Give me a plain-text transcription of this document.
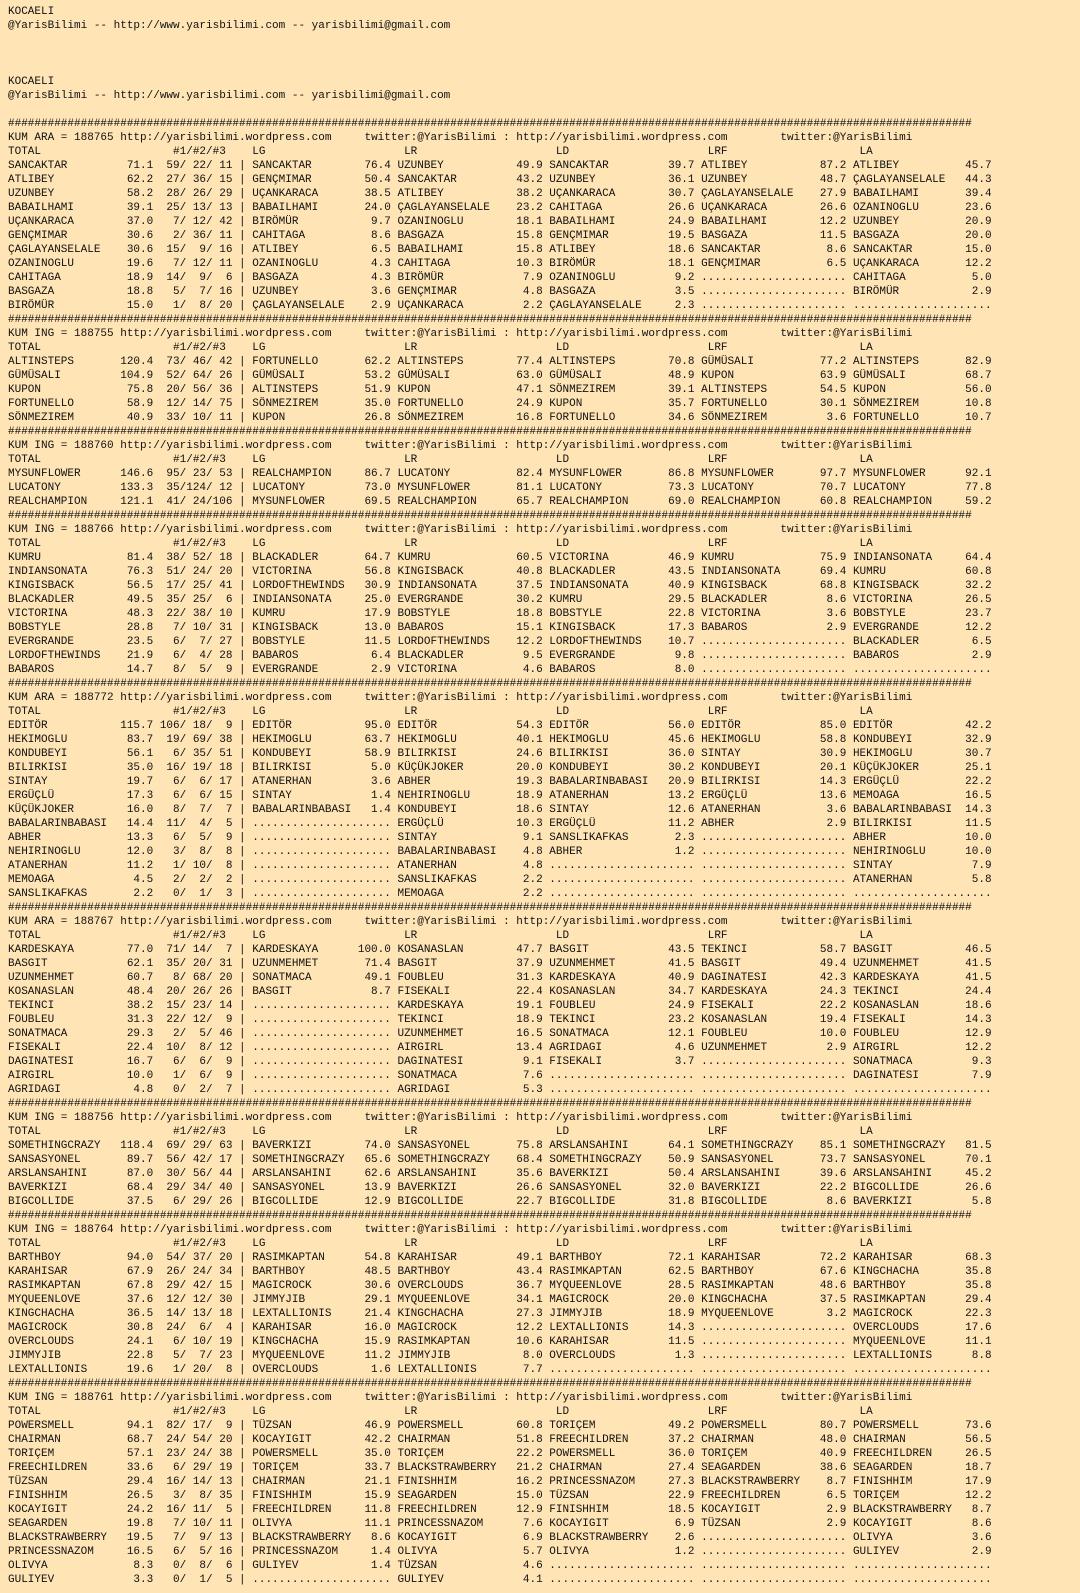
KOCAELI
@YarisBilimi -- http://www.yarisbilimi.com -- yarisbilimi@gmail.com
KOCAELI
@YarisBilimi -- http://www.yarisbilimi.com -- yarisbilimi@gmail.com
##################################################################################################################################################
KUM ARA = 188765 http://yarisbilimi.wordpress.com     twitter:@YarisBilimi : http://yarisbilimi.wordpress.com        twitter:@YarisBilimi
TOTAL                    #1/#2/#3    LG                     LR                     LD                     LRF                    LA
SANCAKTAR         71.1  59/ 22/ 11 | SANCAKTAR        76.4 UZUNBEY           49.9 SANCAKTAR         39.7 ATLIBEY           87.2 ATLIBEY          45.7
ATLIBEY           62.2  27/ 36/ 15 | GENÇMIMAR        50.4 SANCAKTAR         43.2 UZUNBEY           36.1 UZUNBEY           48.7 ÇAGLAYANSELALE   44.3
UZUNBEY           58.2  28/ 26/ 29 | UÇANKARACA       38.5 ATLIBEY           38.2 UÇANKARACA        30.7 ÇAGLAYANSELALE    27.9 BABAILHAMI       39.4
BABAILHAMI        39.1  25/ 13/ 13 | BABAILHAMI       24.0 ÇAGLAYANSELALE    23.2 CAHITAGA          26.6 UÇANKARACA        26.6 OZANINOGLU       23.6
UÇANKARACA        37.0   7/ 12/ 42 | BIRÖMÜR           9.7 OZANINOGLU        18.1 BABAILHAMI        24.9 BABAILHAMI        12.2 UZUNBEY          20.9
GENÇMIMAR         30.6   2/ 36/ 11 | CAHITAGA          8.6 BASGAZA           15.8 GENÇMIMAR         19.5 BASGAZA           11.5 BASGAZA          20.0
ÇAGLAYANSELALE    30.6  15/  9/ 16 | ATLIBEY           6.5 BABAILHAMI        15.8 ATLIBEY           18.6 SANCAKTAR          8.6 SANCAKTAR        15.0
OZANINOGLU        19.6   7/ 12/ 11 | OZANINOGLU        4.3 CAHITAGA          10.3 BIRÖMÜR           18.1 GENÇMIMAR          6.5 UÇANKARACA       12.2
CAHITAGA          18.9  14/  9/  6 | BASGAZA           4.3 BIRÖMÜR            7.9 OZANINOGLU         9.2 ...................... CAHITAGA          5.0
BASGAZA           18.8   5/  7/ 16 | UZUNBEY           3.6 GENÇMIMAR          4.8 BASGAZA            3.5 ...................... BIRÖMÜR           2.9
BIRÖMÜR           15.0   1/  8/ 20 | ÇAGLAYANSELALE    2.9 UÇANKARACA         2.2 ÇAGLAYANSELALE     2.3 ...................... .....................
##################################################################################################################################################
KUM ING = 188755 http://yarisbilimi.wordpress.com     twitter:@YarisBilimi : http://yarisbilimi.wordpress.com        twitter:@YarisBilimi
TOTAL                    #1/#2/#3    LG                     LR                     LD                     LRF                    LA
ALTINSTEPS       120.4  73/ 46/ 42 | FORTUNELLO       62.2 ALTINSTEPS        77.4 ALTINSTEPS        70.8 GÜMÜSALI          77.2 ALTINSTEPS       82.9
GÜMÜSALI         104.9  52/ 64/ 26 | GÜMÜSALI         53.2 GÜMÜSALI          63.0 GÜMÜSALI          48.9 KUPON             63.9 GÜMÜSALI         68.7
KUPON             75.8  20/ 56/ 36 | ALTINSTEPS       51.9 KUPON             47.1 SÖNMEZIREM        39.1 ALTINSTEPS        54.5 KUPON            56.0
FORTUNELLO        58.9  12/ 14/ 75 | SÖNMEZIREM       35.0 FORTUNELLO        24.9 KUPON             35.7 FORTUNELLO        30.1 SÖNMEZIREM       10.8
SÖNMEZIREM        40.9  33/ 10/ 11 | KUPON            26.8 SÖNMEZIREM        16.8 FORTUNELLO        34.6 SÖNMEZIREM         3.6 FORTUNELLO       10.7
##################################################################################################################################################
KUM ING = 188760 http://yarisbilimi.wordpress.com     twitter:@YarisBilimi : http://yarisbilimi.wordpress.com        twitter:@YarisBilimi
TOTAL                    #1/#2/#3    LG                     LR                     LD                     LRF                    LA
MYSUNFLOWER      146.6  95/ 23/ 53 | REALCHAMPION     86.7 LUCATONY          82.4 MYSUNFLOWER       86.8 MYSUNFLOWER       97.7 MYSUNFLOWER      92.1
LUCATONY         133.3  35/124/ 12 | LUCATONY         73.0 MYSUNFLOWER       81.1 LUCATONY          73.3 LUCATONY          70.7 LUCATONY         77.8
REALCHAMPION     121.1  41/ 24/106 | MYSUNFLOWER      69.5 REALCHAMPION      65.7 REALCHAMPION      69.0 REALCHAMPION      60.8 REALCHAMPION     59.2
##################################################################################################################################################
KUM ING = 188766 http://yarisbilimi.wordpress.com     twitter:@YarisBilimi : http://yarisbilimi.wordpress.com        twitter:@YarisBilimi
TOTAL                    #1/#2/#3    LG                     LR                     LD                     LRF                    LA
KUMRU             81.4  38/ 52/ 18 | BLACKADLER       64.7 KUMRU             60.5 VICTORINA         46.9 KUMRU             75.9 INDIANSONATA     64.4
INDIANSONATA      76.3  51/ 24/ 20 | VICTORINA        56.8 KINGISBACK        40.8 BLACKADLER        43.5 INDIANSONATA      69.4 KUMRU            60.8
KINGISBACK        56.5  17/ 25/ 41 | LORDOFTHEWINDS   30.9 INDIANSONATA      37.5 INDIANSONATA      40.9 KINGISBACK        68.8 KINGISBACK       32.2
BLACKADLER        49.5  35/ 25/  6 | INDIANSONATA     25.0 EVERGRANDE        30.2 KUMRU             29.5 BLACKADLER         8.6 VICTORINA        26.5
VICTORINA         48.3  22/ 38/ 10 | KUMRU            17.9 BOBSTYLE          18.8 BOBSTYLE          22.8 VICTORINA          3.6 BOBSTYLE         23.7
BOBSTYLE          28.8   7/ 10/ 31 | KINGISBACK       13.0 BABAROS           15.1 KINGISBACK        17.3 BABAROS            2.9 EVERGRANDE       12.2
EVERGRANDE        23.5   6/  7/ 27 | BOBSTYLE         11.5 LORDOFTHEWINDS    12.2 LORDOFTHEWINDS    10.7 ...................... BLACKADLER        6.5
LORDOFTHEWINDS    21.9   6/  4/ 28 | BABAROS           6.4 BLACKADLER         9.5 EVERGRANDE         9.8 ...................... BABAROS           2.9
BABAROS           14.7   8/  5/  9 | EVERGRANDE        2.9 VICTORINA          4.6 BABAROS            8.0 ...................... .....................
##################################################################################################################################################
KUM ARA = 188772 http://yarisbilimi.wordpress.com     twitter:@YarisBilimi : http://yarisbilimi.wordpress.com        twitter:@YarisBilimi
TOTAL                    #1/#2/#3    LG                     LR                     LD                     LRF                    LA
EDITÖR           115.7 106/ 18/  9 | EDITÖR           95.0 EDITÖR            54.3 EDITÖR            56.0 EDITÖR            85.0 EDITÖR           42.2
HEKIMOGLU         83.7  19/ 69/ 38 | HEKIMOGLU        63.7 HEKIMOGLU         40.1 HEKIMOGLU         45.6 HEKIMOGLU         58.8 KONDUBEYI        32.9
KONDUBEYI         56.1   6/ 35/ 51 | KONDUBEYI        58.9 BILIRKISI         24.6 BILIRKISI         36.0 SINTAY            30.9 HEKIMOGLU        30.7
BILIRKISI         35.0  16/ 19/ 18 | BILIRKISI         5.0 KÜÇÜKJOKER        20.0 KONDUBEYI         30.2 KONDUBEYI         20.1 KÜÇÜKJOKER       25.1
SINTAY            19.7   6/  6/ 17 | ATANERHAN         3.6 ABHER             19.3 BABALARINBABASI   20.9 BILIRKISI         14.3 ERGÜÇLÜ          22.2
ERGÜÇLÜ           17.3   6/  6/ 15 | SINTAY            1.4 NEHIRINOGLU       18.9 ATANERHAN         13.2 ERGÜÇLÜ           13.6 MEMOAGA          16.5
KÜÇÜKJOKER        16.0   8/  7/  7 | BABALARINBABASI   1.4 KONDUBEYI         18.6 SINTAY            12.6 ATANERHAN          3.6 BABALARINBABASI  14.3
BABALARINBABASI   14.4  11/  4/  5 | ..................... ERGÜÇLÜ           10.3 ERGÜÇLÜ           11.2 ABHER              2.9 BILIRKISI        11.5
ABHER             13.3   6/  5/  9 | ..................... SINTAY             9.1 SANSLIKAFKAS       2.3 ...................... ABHER            10.0
NEHIRINOGLU       12.0   3/  8/  8 | ..................... BABALARINBABASI    4.8 ABHER              1.2 ...................... NEHIRINOGLU      10.0
ATANERHAN         11.2   1/ 10/  8 | ..................... ATANERHAN          4.8 ...................... ...................... SINTAY            7.9
MEMOAGA            4.5   2/  2/  2 | ..................... SANSLIKAFKAS       2.2 ...................... ...................... ATANERHAN         5.8
SANSLIKAFKAS       2.2   0/  1/  3 | ..................... MEMOAGA            2.2 ...................... ...................... .....................
##################################################################################################################################################
KUM ARA = 188767 http://yarisbilimi.wordpress.com     twitter:@YarisBilimi : http://yarisbilimi.wordpress.com        twitter:@YarisBilimi
TOTAL                    #1/#2/#3    LG                     LR                     LD                     LRF                    LA
KARDESKAYA        77.0  71/ 14/  7 | KARDESKAYA      100.0 KOSANASLAN        47.7 BASGIT            43.5 TEKINCI           58.7 BASGIT           46.5
BASGIT            62.1  35/ 20/ 31 | UZUNMEHMET       71.4 BASGIT            37.9 UZUNMEHMET        41.5 BASGIT            49.4 UZUNMEHMET       41.5
UZUNMEHMET        60.7   8/ 68/ 20 | SONATMACA        49.1 FOUBLEU           31.3 KARDESKAYA        40.9 DAGINATESI        42.3 KARDESKAYA       41.5
KOSANASLAN        48.4  20/ 26/ 26 | BASGIT            8.7 FISEKALI          22.4 KOSANASLAN        34.7 KARDESKAYA        24.3 TEKINCI          24.4
TEKINCI           38.2  15/ 23/ 14 | ..................... KARDESKAYA        19.1 FOUBLEU           24.9 FISEKALI          22.2 KOSANASLAN       18.6
FOUBLEU           31.3  22/ 12/  9 | ..................... TEKINCI           18.9 TEKINCI           23.2 KOSANASLAN        19.4 FISEKALI         14.3
SONATMACA         29.3   2/  5/ 46 | ..................... UZUNMEHMET        16.5 SONATMACA         12.1 FOUBLEU           10.0 FOUBLEU          12.9
FISEKALI          22.4  10/  8/ 12 | ..................... AIRGIRL           13.4 AGRIDAGI           4.6 UZUNMEHMET         2.9 AIRGIRL          12.2
DAGINATESI        16.7   6/  6/  9 | ..................... DAGINATESI         9.1 FISEKALI           3.7 ...................... SONATMACA         9.3
AIRGIRL           10.0   1/  6/  9 | ..................... SONATMACA          7.6 ...................... ...................... DAGINATESI        7.9
AGRIDAGI           4.8   0/  2/  7 | ..................... AGRIDAGI           5.3 ...................... ...................... .....................
##################################################################################################################################################
KUM ING = 188756 http://yarisbilimi.wordpress.com     twitter:@YarisBilimi : http://yarisbilimi.wordpress.com        twitter:@YarisBilimi
TOTAL                    #1/#2/#3    LG                     LR                     LD                     LRF                    LA
SOMETHINGCRAZY   118.4  69/ 29/ 63 | BAVERKIZI        74.0 SANSASYONEL       75.8 ARSLANSAHINI      64.1 SOMETHINGCRAZY    85.1 SOMETHINGCRAZY   81.5
SANSASYONEL       89.7  56/ 42/ 17 | SOMETHINGCRAZY   65.6 SOMETHINGCRAZY    68.4 SOMETHINGCRAZY    50.9 SANSASYONEL       73.7 SANSASYONEL      70.1
ARSLANSAHINI      87.0  30/ 56/ 44 | ARSLANSAHINI     62.6 ARSLANSAHINI      35.6 BAVERKIZI         50.4 ARSLANSAHINI      39.6 ARSLANSAHINI     45.2
BAVERKIZI         68.4  29/ 34/ 40 | SANSASYONEL      13.9 BAVERKIZI         26.6 SANSASYONEL       32.0 BAVERKIZI         22.2 BIGCOLLIDE       26.6
BIGCOLLIDE        37.5   6/ 29/ 26 | BIGCOLLIDE       12.9 BIGCOLLIDE        22.7 BIGCOLLIDE        31.8 BIGCOLLIDE         8.6 BAVERKIZI         5.8
##################################################################################################################################################
KUM ING = 188764 http://yarisbilimi.wordpress.com     twitter:@YarisBilimi : http://yarisbilimi.wordpress.com        twitter:@YarisBilimi
TOTAL                    #1/#2/#3    LG                     LR                     LD                     LRF                    LA
BARTHBOY          94.0  54/ 37/ 20 | RASIMKAPTAN      54.8 KARAHISAR         49.1 BARTHBOY          72.1 KARAHISAR         72.2 KARAHISAR        68.3
KARAHISAR         67.9  26/ 24/ 34 | BARTHBOY         48.5 BARTHBOY          43.4 RASIMKAPTAN       62.5 BARTHBOY          67.6 KINGCHACHA       35.8
RASIMKAPTAN       67.8  29/ 42/ 15 | MAGICROCK        30.6 OVERCLOUDS        36.7 MYQUEENLOVE       28.5 RASIMKAPTAN       48.6 BARTHBOY         35.8
MYQUEENLOVE       37.6  12/ 12/ 30 | JIMMYJIB         29.1 MYQUEENLOVE       34.1 MAGICROCK         20.0 KINGCHACHA        37.5 RASIMKAPTAN      29.4
KINGCHACHA        36.5  14/ 13/ 18 | LEXTALLIONIS     21.4 KINGCHACHA        27.3 JIMMYJIB          18.9 MYQUEENLOVE        3.2 MAGICROCK        22.3
MAGICROCK         30.8  24/  6/  4 | KARAHISAR        16.0 MAGICROCK         12.2 LEXTALLIONIS      14.3 ...................... OVERCLOUDS       17.6
OVERCLOUDS        24.1   6/ 10/ 19 | KINGCHACHA       15.9 RASIMKAPTAN       10.6 KARAHISAR         11.5 ...................... MYQUEENLOVE      11.1
JIMMYJIB          22.8   5/  7/ 23 | MYQUEENLOVE      11.2 JIMMYJIB           8.0 OVERCLOUDS         1.3 ...................... LEXTALLIONIS      8.8
LEXTALLIONIS      19.6   1/ 20/  8 | OVERCLOUDS        1.6 LEXTALLIONIS       7.7 ...................... ...................... .....................
##################################################################################################################################################
KUM ING = 188761 http://yarisbilimi.wordpress.com     twitter:@YarisBilimi : http://yarisbilimi.wordpress.com        twitter:@YarisBilimi
TOTAL                    #1/#2/#3    LG                     LR                     LD                     LRF                    LA
POWERSMELL        94.1  82/ 17/  9 | TÜZSAN           46.9 POWERSMELL        60.8 TORIÇEM           49.2 POWERSMELL        80.7 POWERSMELL       73.6
CHAIRMAN          68.7  24/ 54/ 20 | KOCAYIGIT        42.2 CHAIRMAN          51.8 FREECHILDREN      37.2 CHAIRMAN          48.0 CHAIRMAN         56.5
TORIÇEM           57.1  23/ 24/ 38 | POWERSMELL       35.0 TORIÇEM           22.2 POWERSMELL        36.0 TORIÇEM           40.9 FREECHILDREN     26.5
FREECHILDREN      33.6   6/ 29/ 19 | TORIÇEM          33.7 BLACKSTRAWBERRY   21.2 CHAIRMAN          27.4 SEAGARDEN         38.6 SEAGARDEN        18.7
TÜZSAN            29.4  16/ 14/ 13 | CHAIRMAN         21.1 FINISHHIM         16.2 PRINCESSNAZOM     27.3 BLACKSTRAWBERRY    8.7 FINISHHIM        17.9
FINISHHIM         26.5   3/  8/ 35 | FINISHHIM        15.9 SEAGARDEN         15.0 TÜZSAN            22.9 FREECHILDREN       6.5 TORIÇEM          12.2
KOCAYIGIT         24.2  16/ 11/  5 | FREECHILDREN     11.8 FREECHILDREN      12.9 FINISHHIM         18.5 KOCAYIGIT          2.9 BLACKSTRAWBERRY   8.7
SEAGARDEN         19.8   7/ 10/ 11 | OLIVYA           11.1 PRINCESSNAZOM      7.6 KOCAYIGIT          6.9 TÜZSAN             2.9 KOCAYIGIT         8.6
BLACKSTRAWBERRY   19.5   7/  9/ 13 | BLACKSTRAWBERRY   8.6 KOCAYIGIT          6.9 BLACKSTRAWBERRY    2.6 ...................... OLIVYA            3.6
PRINCESSNAZOM     16.5   6/  5/ 16 | PRINCESSNAZOM     1.4 OLIVYA             5.7 OLIVYA             1.2 ...................... GULIYEV           2.9
OLIVYA             8.3   0/  8/  6 | GULIYEV           1.4 TÜZSAN             4.6 ...................... ...................... .....................
GULIYEV            3.3   0/  1/  5 | ..................... GULIYEV            4.1 ...................... ...................... .....................
